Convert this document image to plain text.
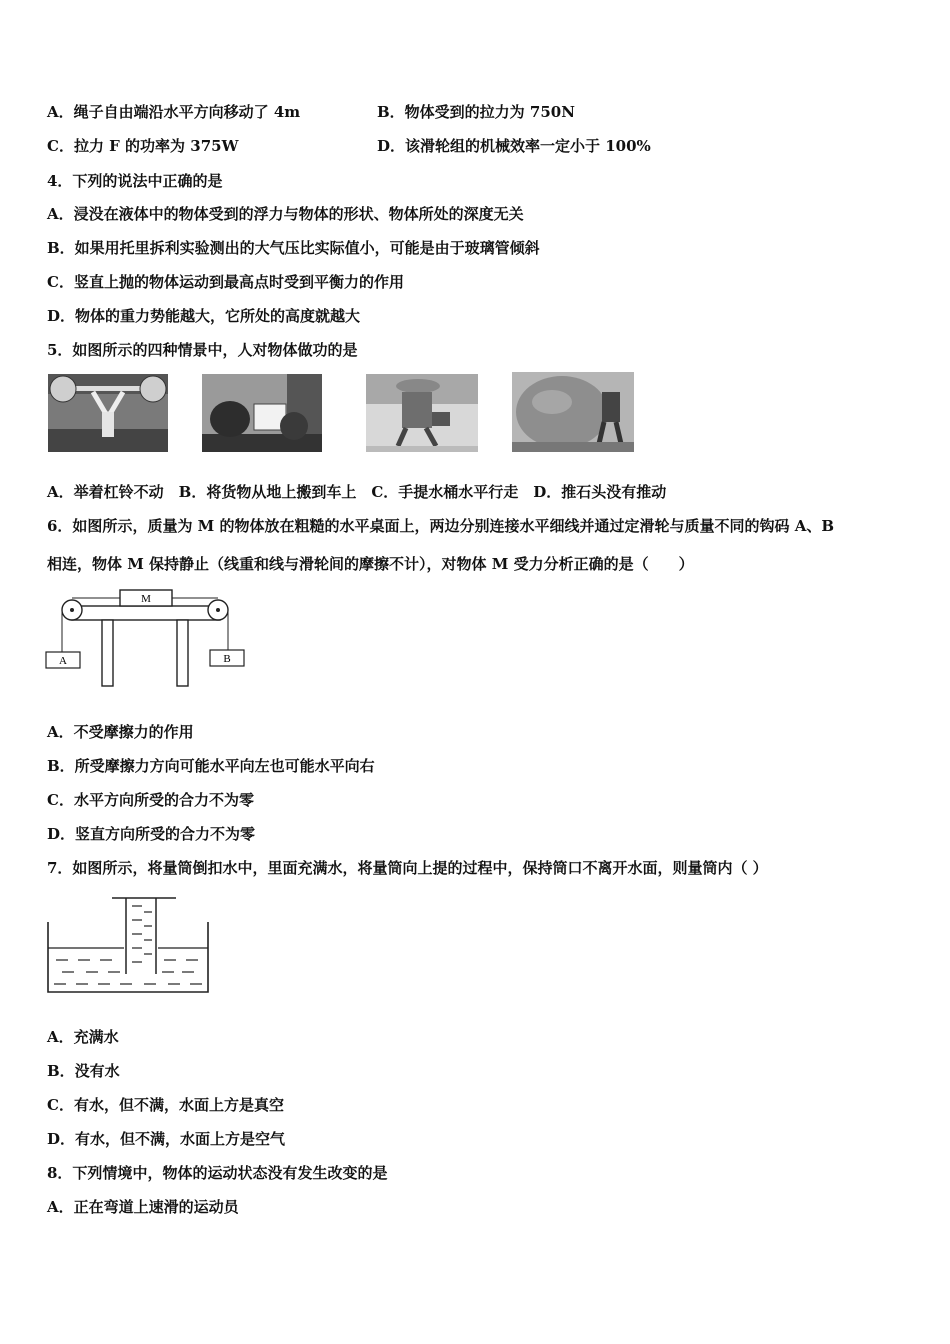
A．绳子自由端沿水平方向移动了 4m	B．物体受到的拉力为 750N
C．拉力 F 的功率为 375W	D．该滑轮组的机械效率一定小于 100%
4．下列的说法中正确的是
A．浸没在液体中的物体受到的浮力与物体的形状、物体所处的深度无关
B．如果用托里拆利实验测出的大气压比实际值小，可能是由于玻璃管倾斜
C．竖直上抛的物体运动到最高点时受到平衡力的作用
D．物体的重力势能越大，它所处的高度就越大
5．如图所示的四种情景中，人对物体做功的是
A．举着杠铃不动　B．将货物从地上搬到车上　C．手提水桶水平行走　D．推石头没有推动
6．如图所示，质量为 M 的物体放在粗糙的水平桌面上，两边分别连接水平细线并通过定滑轮与质量不同的钩码 A、B
相连，物体 M 保持静止（线重和线与滑轮间的摩擦不计），对物体 M 受力分析正确的是（　　）
M
A	B
A．不受摩擦力的作用
B．所受摩擦力方向可能水平向左也可能水平向右
C．水平方向所受的合力不为零
D．竖直方向所受的合力不为零
7．如图所示，将量筒倒扣水中，里面充满水，将量筒向上提的过程中，保持筒口不离开水面，则量筒内（ ）
A．充满水
B．没有水
C．有水，但不满，水面上方是真空
D．有水，但不满，水面上方是空气
8．下列情境中，物体的运动状态没有发生改变的是
A．正在弯道上速滑的运动员
